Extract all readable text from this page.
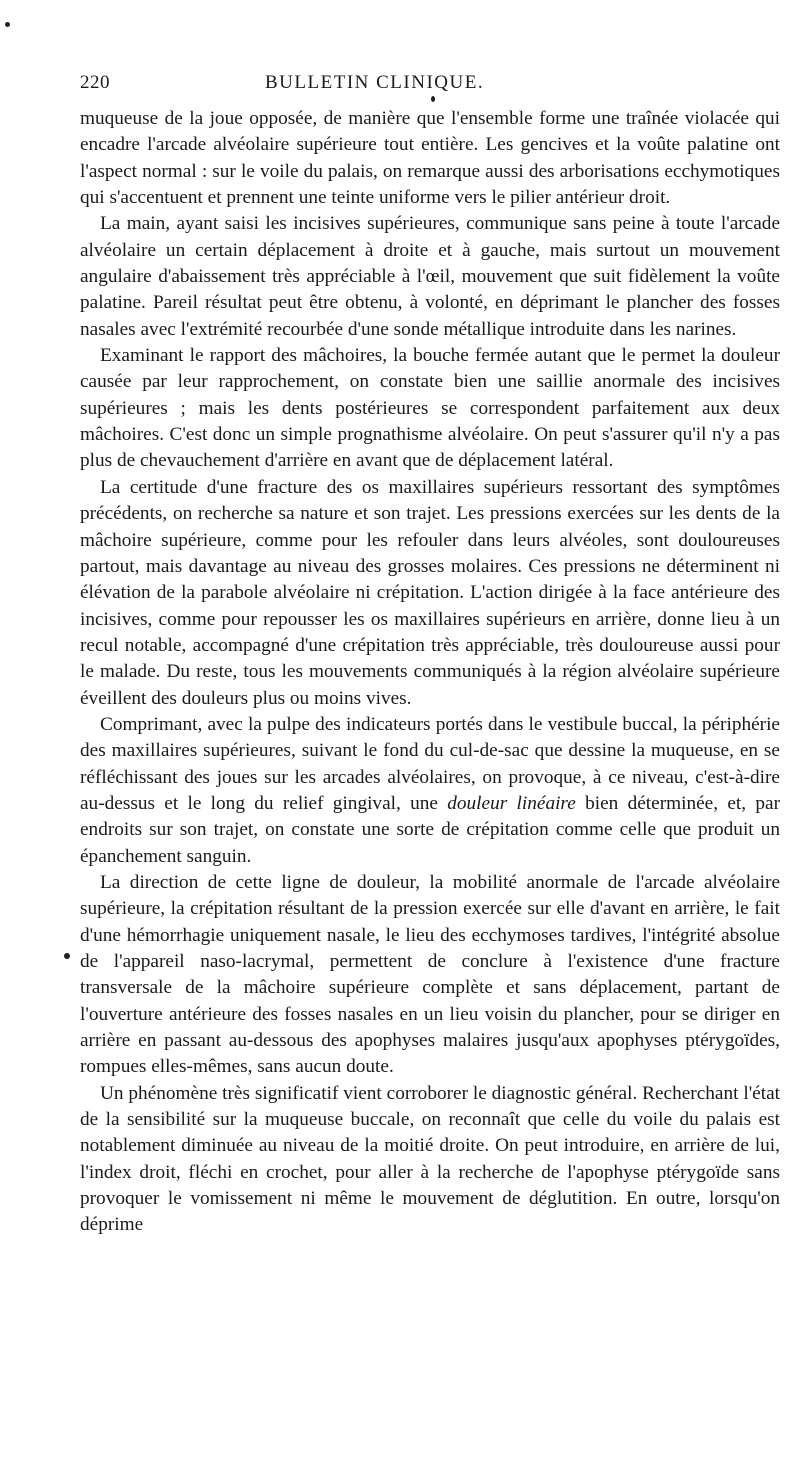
220	BULLETIN CLINIQUE.

muqueuse de la joue opposée, de manière que l'ensemble forme une traînée violacée qui encadre l'arcade alvéolaire supérieure tout entière. Les gencives et la voûte palatine ont l'aspect normal : sur le voile du palais, on remarque aussi des arborisations ecchymotiques qui s'accentuent et prennent une teinte uniforme vers le pilier antérieur droit.

La main, ayant saisi les incisives supérieures, communique sans peine à toute l'arcade alvéolaire un certain déplacement à droite et à gauche, mais surtout un mouvement angulaire d'abaissement très appréciable à l'œil, mouvement que suit fidèlement la voûte palatine. Pareil résultat peut être obtenu, à volonté, en déprimant le plancher des fosses nasales avec l'extrémité recourbée d'une sonde métallique introduite dans les narines.

Examinant le rapport des mâchoires, la bouche fermée autant que le permet la douleur causée par leur rapprochement, on constate bien une saillie anormale des incisives supérieures ; mais les dents postérieures se correspondent parfaitement aux deux mâchoires. C'est donc un simple prognathisme alvéolaire. On peut s'assurer qu'il n'y a pas plus de chevauchement d'arrière en avant que de déplacement latéral.

La certitude d'une fracture des os maxillaires supérieurs ressortant des symptômes précédents, on recherche sa nature et son trajet. Les pressions exercées sur les dents de la mâchoire supérieure, comme pour les refouler dans leurs alvéoles, sont douloureuses partout, mais davantage au niveau des grosses molaires. Ces pressions ne déterminent ni élévation de la parabole alvéolaire ni crépitation. L'action dirigée à la face antérieure des incisives, comme pour repousser les os maxillaires supérieurs en arrière, donne lieu à un recul notable, accompagné d'une crépitation très appréciable, très douloureuse aussi pour le malade. Du reste, tous les mouvements communiqués à la région alvéolaire supérieure éveillent des douleurs plus ou moins vives.

Comprimant, avec la pulpe des indicateurs portés dans le vestibule buccal, la périphérie des maxillaires supérieures, suivant le fond du cul-de-sac que dessine la muqueuse, en se réfléchissant des joues sur les arcades alvéolaires, on provoque, à ce niveau, c'est-à-dire au-dessus et le long du relief gingival, une douleur linéaire bien déterminée, et, par endroits sur son trajet, on constate une sorte de crépitation comme celle que produit un épanchement sanguin.

La direction de cette ligne de douleur, la mobilité anormale de l'arcade alvéolaire supérieure, la crépitation résultant de la pression exercée sur elle d'avant en arrière, le fait d'une hémorrhagie uniquement nasale, le lieu des ecchymoses tardives, l'intégrité absolue de l'appareil naso-lacrymal, permettent de conclure à l'existence d'une fracture transversale de la mâchoire supérieure complète et sans déplacement, partant de l'ouverture antérieure des fosses nasales en un lieu voisin du plancher, pour se diriger en arrière en passant au-dessous des apophyses malaires jusqu'aux apophyses ptérygoïdes, rompues elles-mêmes, sans aucun doute.

Un phénomène très significatif vient corroborer le diagnostic général. Recherchant l'état de la sensibilité sur la muqueuse buccale, on reconnaît que celle du voile du palais est notablement diminuée au niveau de la moitié droite. On peut introduire, en arrière de lui, l'index droit, fléchi en crochet, pour aller à la recherche de l'apophyse ptérygoïde sans provoquer le vomissement ni même le mouvement de déglutition. En outre, lorsqu'on déprime
